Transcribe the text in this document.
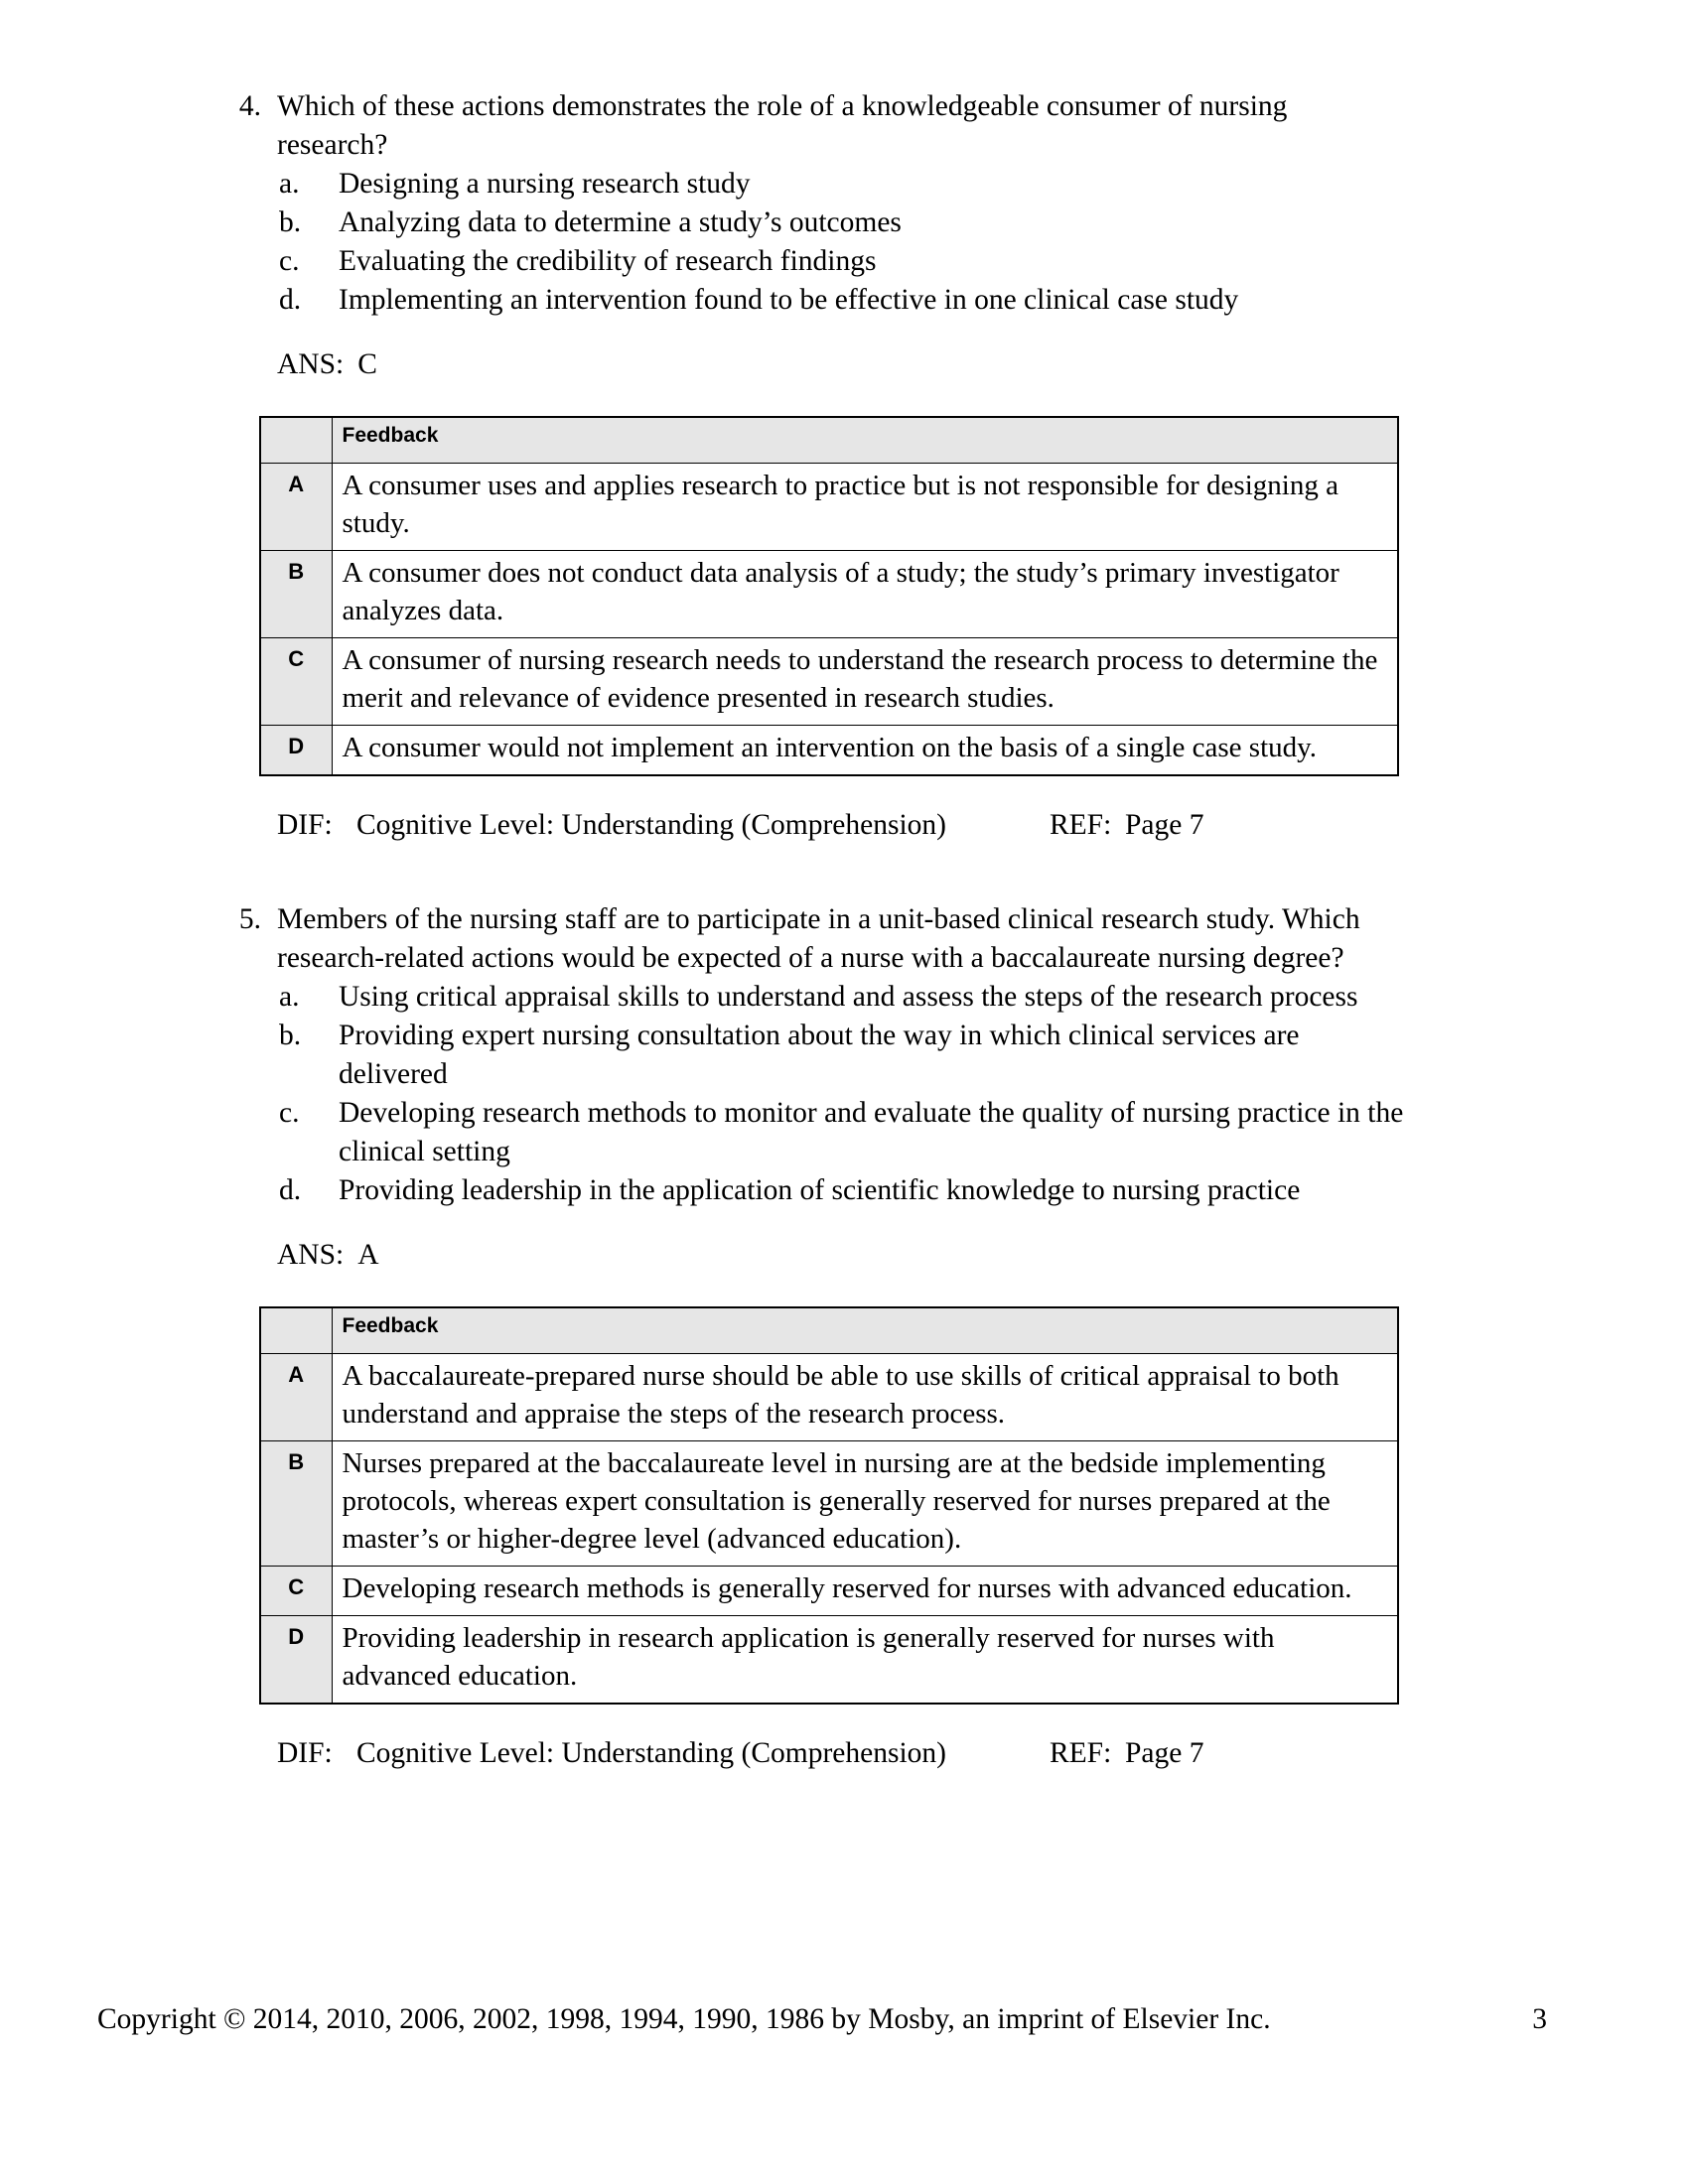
4. Which of these actions demonstrates the role of a knowledgeable consumer of nursing research?
a.	Designing a nursing research study
b.	Analyzing data to determine a study’s outcomes
c.	Evaluating the credibility of research findings
d.	Implementing an intervention found to be effective in one clinical case study
ANS: C
	Feedback
A	A consumer uses and applies research to practice but is not responsible for designing a study.
B	A consumer does not conduct data analysis of a study; the study’s primary investigator analyzes data.
C	A consumer of nursing research needs to understand the research process to determine the merit and relevance of evidence presented in research studies.
D	A consumer would not implement an intervention on the basis of a single case study.
DIF: Cognitive Level: Understanding (Comprehension)	REF: Page 7
5. Members of the nursing staff are to participate in a unit-based clinical research study. Which research-related actions would be expected of a nurse with a baccalaureate nursing degree?
a.	Using critical appraisal skills to understand and assess the steps of the research process
b.	Providing expert nursing consultation about the way in which clinical services are delivered
c.	Developing research methods to monitor and evaluate the quality of nursing practice in the clinical setting
d.	Providing leadership in the application of scientific knowledge to nursing practice
ANS: A
	Feedback
A	A baccalaureate-prepared nurse should be able to use skills of critical appraisal to both understand and appraise the steps of the research process.
B	Nurses prepared at the baccalaureate level in nursing are at the bedside implementing protocols, whereas expert consultation is generally reserved for nurses prepared at the master’s or higher-degree level (advanced education).
C	Developing research methods is generally reserved for nurses with advanced education.
D	Providing leadership in research application is generally reserved for nurses with advanced education.
DIF: Cognitive Level: Understanding (Comprehension)	REF: Page 7
Copyright © 2014, 2010, 2006, 2002, 1998, 1994, 1990, 1986 by Mosby, an imprint of Elsevier Inc.	3
